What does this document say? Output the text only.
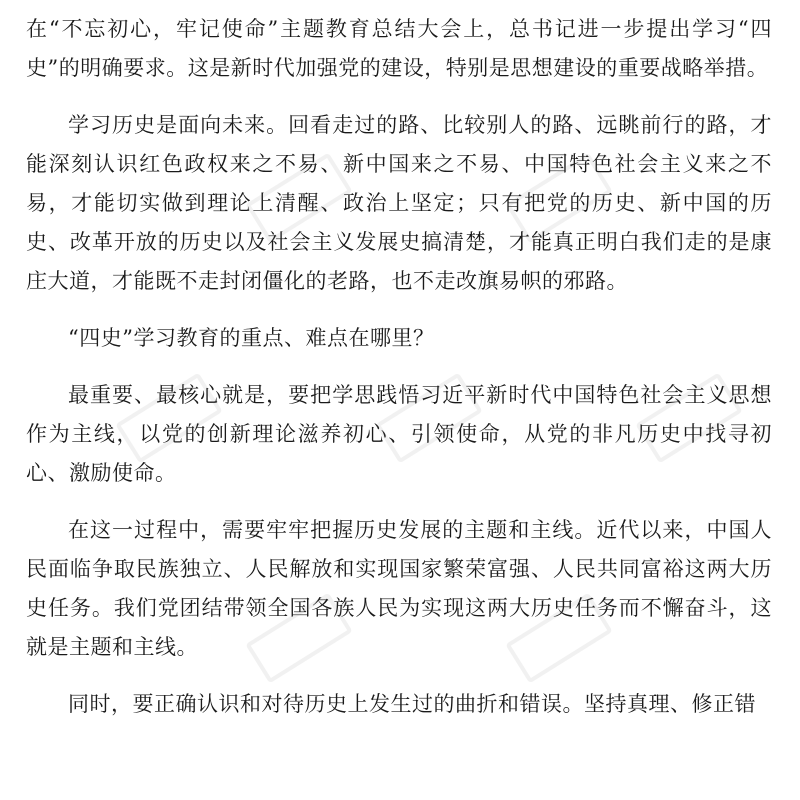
在“不忘初心，牢记使命”主题教育总结大会上，总书记进一步提出学习“四史”的明确要求。这是新时代加强党的建设，特别是思想建设的重要战略举措。

学习历史是面向未来。回看走过的路、比较别人的路、远眺前行的路，才能深刻认识红色政权来之不易、新中国来之不易、中国特色社会主义来之不易，才能切实做到理论上清醒、政治上坚定；只有把党的历史、新中国的历史、改革开放的历史以及社会主义发展史搞清楚，才能真正明白我们走的是康庄大道，才能既不走封闭僵化的老路，也不走改旗易帜的邪路。

“四史”学习教育的重点、难点在哪里？

最重要、最核心就是，要把学思践悟习近平新时代中国特色社会主义思想作为主线，以党的创新理论滋养初心、引领使命，从党的非凡历史中找寻初心、激励使命。

在这一过程中，需要牢牢把握历史发展的主题和主线。近代以来，中国人民面临争取民族独立、人民解放和实现国家繁荣富强、人民共同富裕这两大历史任务。我们党团结带领全国各族人民为实现这两大历史任务而不懈奋斗，这就是主题和主线。

同时，要正确认识和对待历史上发生过的曲折和错误。坚持真理、修正错
